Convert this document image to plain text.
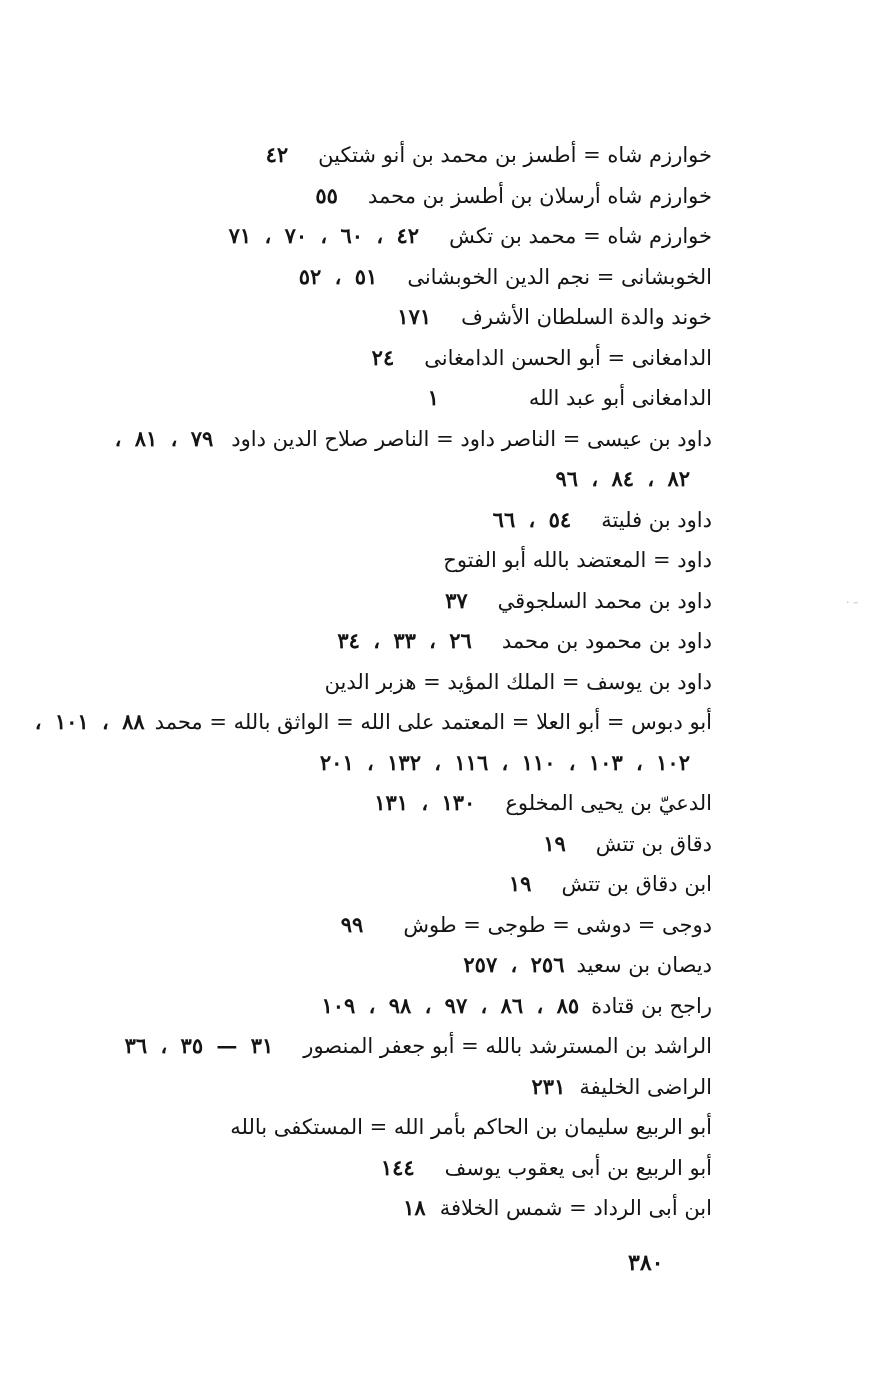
خوارزم شاه = أطسز بن محمد بن أنو شتكين٤٢
خوارزم شاه أرسلان بن أطسز بن محمد٥٥
خوارزم شاه = محمد بن تكش٤٢ ، ٦٠ ، ٧٠ ، ٧١
الخوبشانى = نجم الدين الخوبشانى٥١ ، ٥٢
خوند والدة السلطان الأشرف١٧١
الدامغانى = أبو الحسن الدامغانى٢٤
الدامغانى أبو عبد الله١
داود بن عيسى = الناصر داود = الناصر صلاح الدين داود٧٩ ، ٨١ ،
٨٢ ، ٨٤ ، ٩٦
داود بن فليتة٥٤ ، ٦٦
داود = المعتضد بالله أبو الفتوح
داود بن محمد السلجوقي٣٧
داود بن محمود بن محمد٢٦ ، ٣٣ ، ٣٤
داود بن يوسف = الملك المؤيد = هزبر الدين
أبو دبوس = أبو العلا = المعتمد على الله = الواثق بالله = محمد٨٨ ، ١٠١ ،
١٠٢ ، ١٠٣ ، ١١٠ ، ١١٦ ، ١٣٢ ، ٢٠١
الدعيّ بن يحيى المخلوع١٣٠ ، ١٣١
دقاق بن تتش١٩
ابن دقاق بن تتش١٩
دوجى = دوشى = طوجى = طوش٩٩
ديصان بن سعيد٢٥٦ ، ٢٥٧
راجح بن قتادة٨٥ ، ٨٦ ، ٩٧ ، ٩٨ ، ١٠٩
الراشد بن المسترشد بالله = أبو جعفر المنصور٣١ — ٣٥ ، ٣٦
الراضى الخليفة٢٣١
أبو الربيع سليمان بن الحاكم بأمر الله = المستكفى بالله
أبو الربيع بن أبى يعقوب يوسف١٤٤
ابن أبى الرداد = شمس الخلافة١٨
٣٨٠
· –
